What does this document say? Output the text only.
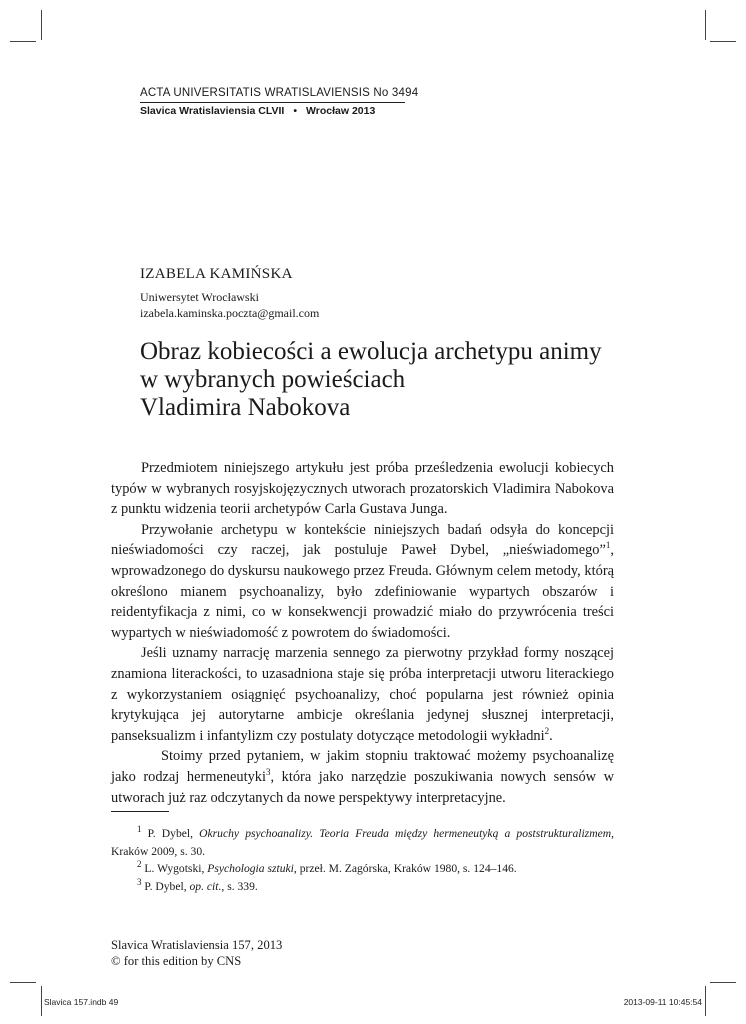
ACTA UNIVERSITATIS WRATISLAVIENSIS No 3494
Slavica Wratislaviensia CLVII • Wrocław 2013
IZABELA KAMIŃSKA
Uniwersytet Wrocławski
izabela.kaminska.poczta@gmail.com
Obraz kobiecości a ewolucja archetypu animy
w wybranych powieściach
Vladimira Nabokova

Przedmiotem niniejszego artykułu jest próba prześledzenia ewolucji kobiecych typów w wybranych rosyjskojęzycznych utworach prozatorskich Vladimira Nabokova z punktu widzenia teorii archetypów Carla Gustava Junga.

Przywołanie archetypu w kontekście niniejszych badań odsyła do koncepcji nieświadomości czy raczej, jak postuluje Paweł Dybel, „nieświadomego”$^1$, wprowadzonego do dyskursu naukowego przez Freuda. Głównym celem metody, którą określono mianem psychoanalizy, było zdefiniowanie wypartych obszarów i reidentyfikacja z nimi, co w konsekwencji prowadzić miało do przywrócenia treści wypartych w nieświadomość z powrotem do świadomości.

Jeśli uznamy narrację marzenia sennego za pierwotny przykład formy noszącej znamiona literackości, to uzasadniona staje się próba interpretacji utworu literackiego z wykorzystaniem osiągnięć psychoanalizy, choć popularna jest również opinia krytykująca jej autorytarne ambicje określania jedynej słusznej interpretacji, panseksualizm i infantylizm czy postulaty dotyczące metodologii wykładni$^2$.

Stoimy przed pytaniem, w jakim stopniu traktować możemy psychoanalizę jako rodzaj hermeneutyki$^3$, która jako narzędzie poszukiwania nowych sensów w utworach już raz odczytanych da nowe perspektywy interpretacyjne.

$^1$ P. Dybel, Okruchy psychoanalizy. Teoria Freuda między hermeneutyką a poststrukturalizmem, Kraków 2009, s. 30.

$^2$ L. Wygotski, Psychologia sztuki, przeł. M. Zagórska, Kraków 1980, s. 124–146.

$^3$ P. Dybel, op. cit., s. 339.

Slavica Wratislaviensia 157, 2013
© for this edition by CNS
Slavica 157.indb 49	2013-09-11 10:45:54
